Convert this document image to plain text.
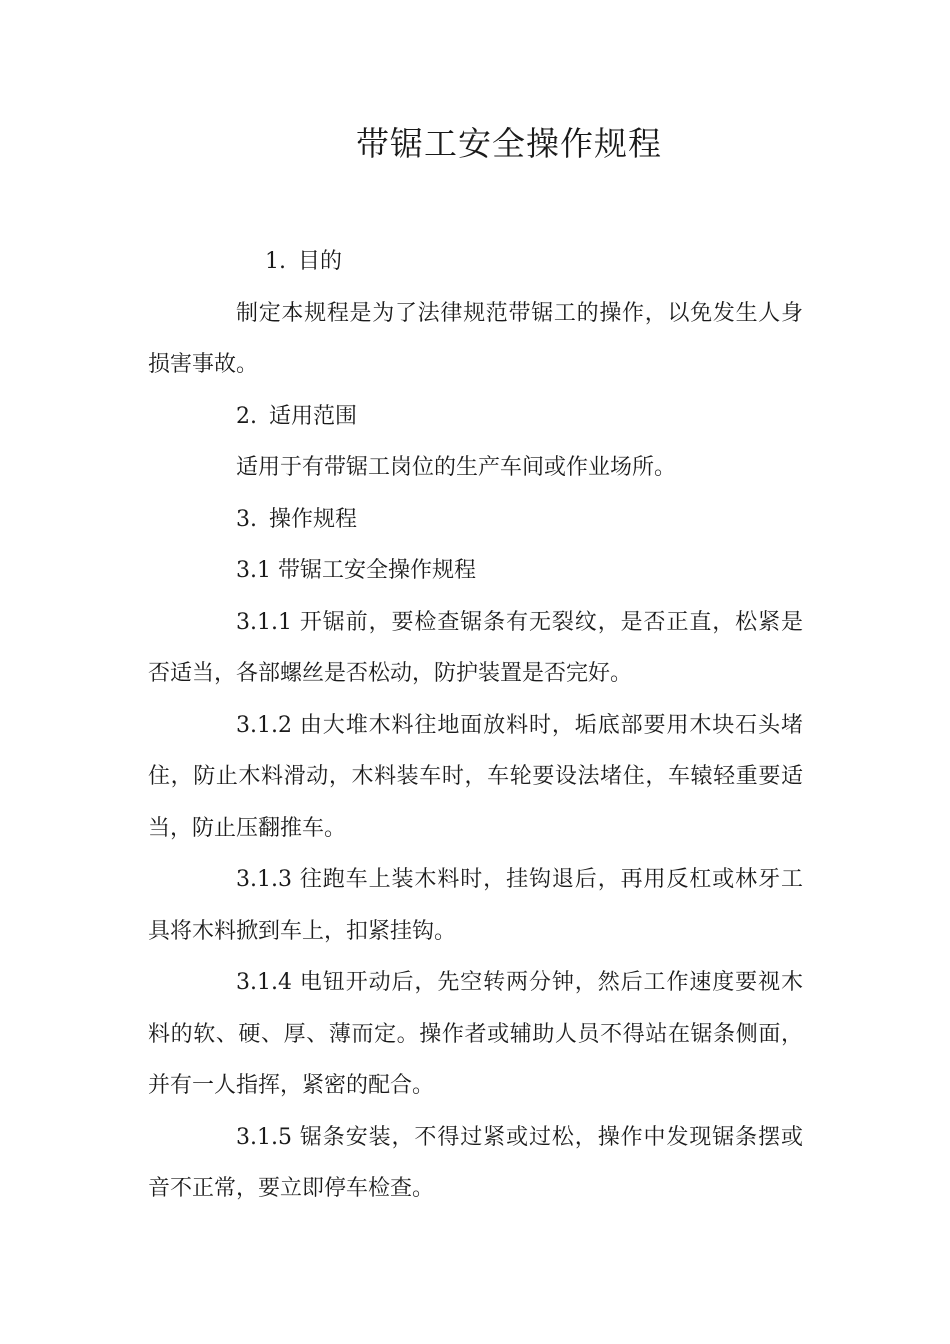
带锯工安全操作规程

1. 目的

制定本规程是为了法律规范带锯工的操作，以免发生人身损害事故。

2. 适用范围

适用于有带锯工岗位的生产车间或作业场所。

3. 操作规程

3.1 带锯工安全操作规程

3.1.1 开锯前，要检查锯条有无裂纹，是否正直，松紧是否适当，各部螺丝是否松动，防护装置是否完好。

3.1.2 由大堆木料往地面放料时，垢底部要用木块石头堵住，防止木料滑动，木料装车时，车轮要设法堵住，车辕轻重要适当，防止压翻推车。

3.1.3 往跑车上装木料时，挂钩退后，再用反杠或林牙工具将木料掀到车上，扣紧挂钩。

3.1.4 电钮开动后，先空转两分钟，然后工作速度要视木料的软、硬、厚、薄而定。操作者或辅助人员不得站在锯条侧面，并有一人指挥，紧密的配合。

3.1.5 锯条安装，不得过紧或过松，操作中发现锯条摆或音不正常，要立即停车检查。
